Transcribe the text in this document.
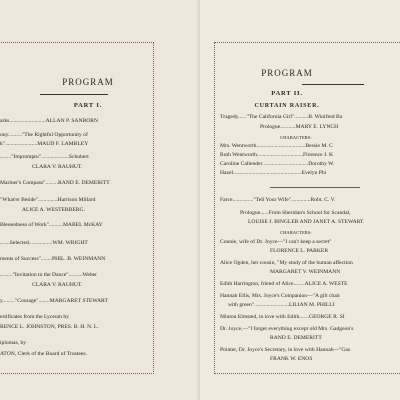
PROGRAM
PART I.
arks..........................ALLAN P. SANBORN
ony.........."The Rightful Opportunity of
k".......................MAUD F. LAMBLEY
........"Impromptu"....................Schubert
CLARA V. RAUHUT.
Mariner's Compass".........RAND E. DEMERITT
"What'er Betide"..............Harrison Millard
ALICE A. WESTERBERG.
Blessedness of Work"..........MABEL McKAY
.......Selected.................WM. WRIGHT
ments of Success"........PHIL. B. WEINMANN
........."Invitation to the Dance"..........Weber
CLARA V. RAUHUT.
y........."Courage"........MARGARET STEWART
ertificates from the Lyceum by
RENCE L. JOHNSTON, PRES. B. H. N. L.
iplomas, by
ATON, Clerk of the Board of Trustees.
PROGRAM
PART II.
CURTAIN RAISER.
Tragedy......"The California Girl"..........B. Winifred Ba
Prologue...........MARY E. LYNCH
CHARACTERS:
Mrs. Wentworth...................................Bessie M. C
Ruth Wentworth.................................Florence J. K
Caroline Callender.................................Dorothy W.
Hazel.................................................Evelyn Phi
Farce..............."Tell Your Wife"..............Robt. C. V.
Prologue......From Sheridan's School for Scandal,
LOUISE J. BINGLER AND JANET A. STEWART.
CHARACTERS:
Connie, wife of Dr. Joyce—"I can't keep a secret"
FLORENCE L. PARKER
Alice Ogden, her cousin, "My study of the human affection
MARGARET V. WEINMANN
Edith Harrington, friend of Alice........ALICE A. WESTE
Hannah Ellis, Mrs. Joyce's Companion—"A gilt chair
with green".........................LILIAN M. PHILLI
Minton Elmsted, in love with Edith.......GEORGE R. SI
Dr. Joyce,—"I forget everything except old Mrs. Gadgeon's
RAND E. DEMERITT
Pointer, Dr. Joyce's Secretary, in love with Hannah—"Gas
FRANK W. ENOS
